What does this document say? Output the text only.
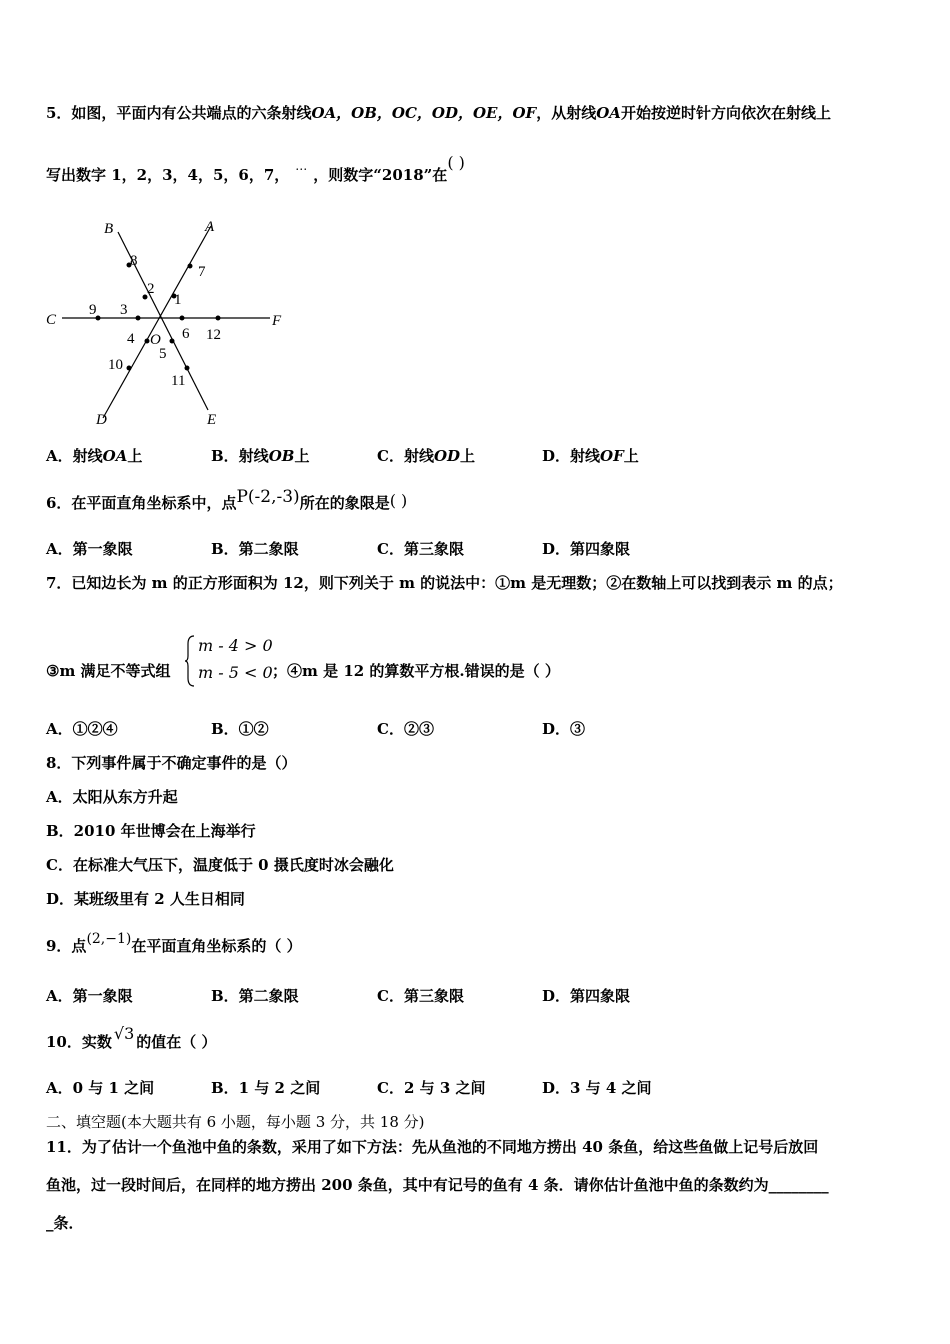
5．如图，平面内有公共端点的六条射线OA，OB，OC，OD，OE，OF，从射线OA开始按逆时针方向依次在射线上
写出数字 1，2，3，4，5，6，7， … ，则数字“2018”在( )
B	A
C	F
D	E
O
1
2
3
4
5
6
7
8
9
12
10
11
A．射线OA上	B．射线OB上	C．射线OD上	D．射线OF上
6．在平面直角坐标系中，点P(-2,-3)所在的象限是( )
A．第一象限	B．第二象限	C．第三象限	D．第四象限
7．已知边长为 m 的正方形面积为 12，则下列关于 m 的说法中：①m 是无理数；②在数轴上可以找到表示 m 的点；
③m 满足不等式组
m - 4 > 0
m - 5 < 0 ；④m 是 12 的算数平方根.错误的是（ ）
A．①②④	B．①②	C．②③	D．③
8．下列事件属于不确定事件的是（）
A．太阳从东方升起
B．2010 年世博会在上海举行
C．在标准大气压下，温度低于 0 摄氏度时冰会融化
D．某班级里有 2 人生日相同
9．点(2,−1)在平面直角坐标系的（ ）
A．第一象限	B．第二象限	C．第三象限	D．第四象限
10．实数 √3 的值在（ ）
A．0 与 1 之间	B．1 与 2 之间	C．2 与 3 之间	D．3 与 4 之间
二、填空题(本大题共有 6 小题，每小题 3 分，共 18 分)
11．为了估计一个鱼池中鱼的条数，采用了如下方法：先从鱼池的不同地方捞出 40 条鱼，给这些鱼做上记号后放回
鱼池，过一段时间后，在同样的地方捞出 200 条鱼，其中有记号的鱼有 4 条．请你估计鱼池中鱼的条数约为________
_条．
